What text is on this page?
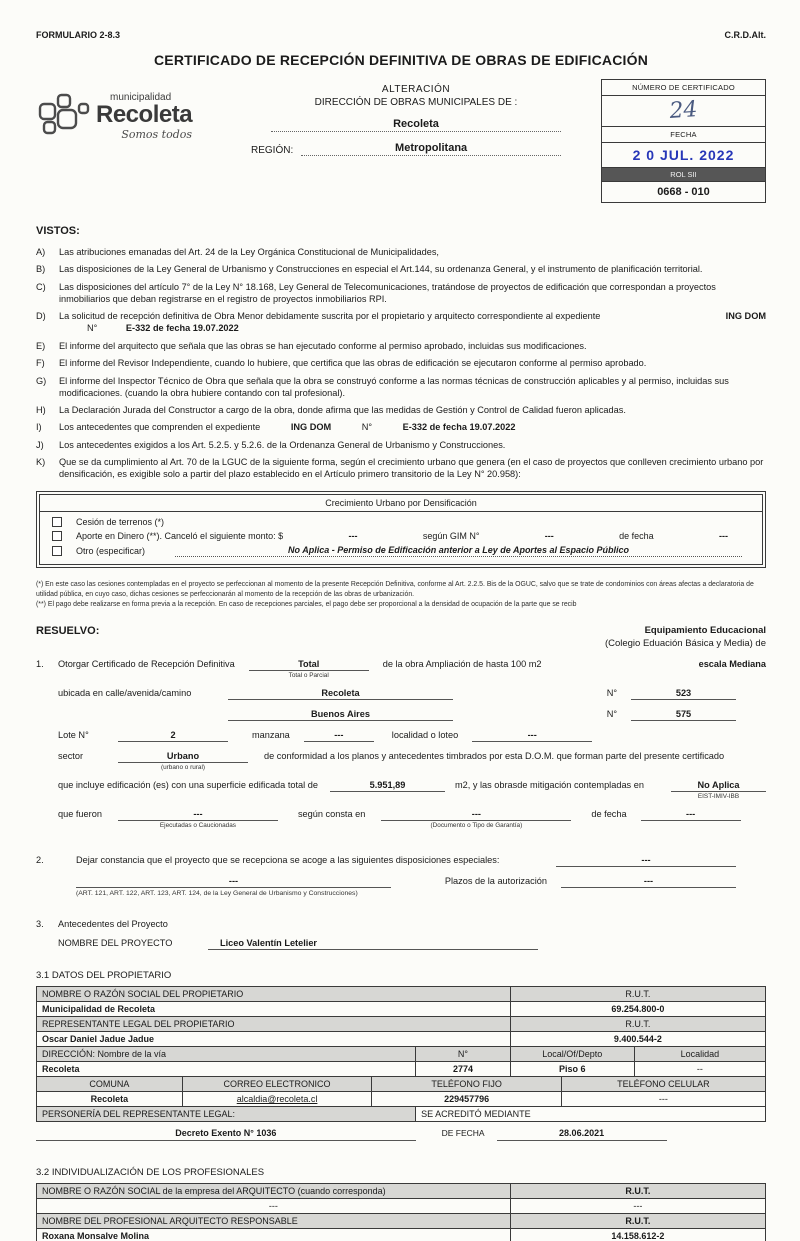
FORMULARIO 2-8.3	C.R.D.Alt.
CERTIFICADO DE RECEPCIÓN DEFINITIVA DE OBRAS DE EDIFICACIÓN
municipalidad
Recoleta
Somos todos
ALTERACIÓN
DIRECCIÓN DE OBRAS MUNICIPALES DE :
Recoleta
REGIÓN:	Metropolitana
NÚMERO DE CERTIFICADO
24
FECHA
2 0 JUL. 2022
ROL SII
0668 - 010
VISTOS:
A)	Las atribuciones emanadas del Art. 24 de la Ley Orgánica Constitucional de Municipalidades,
B)	Las disposiciones de la Ley General de Urbanismo y Construcciones en especial el Art.144, su ordenanza General, y el instrumento de planificación territorial.
C)	Las disposiciones del artículo 7° de la Ley N° 18.168, Ley General de Telecomunicaciones, tratándose de proyectos de edificación que correspondan a proyectos inmobiliarios que deban registrarse en el registro de proyectos inmobiliarios RPI.
D)	ING DOM
La solicitud de recepción definitiva de Obra Menor debidamente suscrita por el propietario y arquitecto correspondiente al expediente
N°	E-332 de fecha 19.07.2022
E)	El informe del arquitecto que señala que las obras se han ejecutado conforme al permiso aprobado, incluidas sus modificaciones.
F)	El informe del Revisor Independiente, cuando lo hubiere, que certifica que las obras de edificación se ejecutaron conforme al permiso aprobado.
G)	El informe del Inspector Técnico de Obra que señala que la obra se construyó conforme a las normas técnicas de construcción aplicables y al permiso, incluidas sus modificaciones. (cuando la obra hubiere contando con tal profesional).
H)	La Declaración Jurada del Constructor a cargo de la obra, donde afirma que las medidas de Gestión y Control de Calidad fueron aplicadas.
I)	Los antecedentes que comprenden el expediente	ING DOM	N°	E-332 de fecha 19.07.2022
J)	Los antecedentes exigidos a los Art. 5.2.5. y 5.2.6. de la Ordenanza General de Urbanismo y Construcciones.
K)	Que se da cumplimiento al Art. 70 de la LGUC de la siguiente forma, según el crecimiento urbano que genera (en el caso de proyectos que conlleven crecimiento urbano por densificación, es exigible solo a partir del plazo establecido en el Artículo primero transitorio de la Ley N° 20.958):
Crecimiento Urbano por Densificación
Cesión de terrenos (*)
Aporte en Dinero (**). Canceló el siguiente monto: $	---	según GIM N°	---	de fecha	---
Otro (especificar)	No Aplica - Permiso de Edificación anterior a Ley de Aportes al Espacio Público

(*) En este caso las cesiones contempladas en el proyecto se perfeccionan al momento de la presente Recepción Definitiva, conforme al Art. 2.2.5. Bis de la OGUC, salvo que se trate de condominios con áreas afectas a declaratoria de utilidad pública, en cuyo caso, dichas cesiones se perfeccionarán al momento de la recepción de las obras de urbanización.

(**) El pago debe realizarse en forma previa a la recepción. En caso de recepciones parciales, el pago debe ser proporcional a la densidad de ocupación de la parte que se recib

RESUELVO:	Equipamiento Educacional
(Colegio Eduación Básica y Media) de
1.	Otorgar Certificado de Recepción Definitiva	Total
Total o Parcial
de la obra Ampliación de hasta 100 m2	escala Mediana
ubicada en calle/avenida/camino	Recoleta	N°	523
Buenos Aires	N°	575
Lote N°	2	manzana	---	localidad o loteo	---
sector	Urbano
(urbano o rural)
de conformidad a los planos y antecedentes timbrados por esta D.O.M. que forman parte del presente certificado
que incluye edificación (es) con una superficie edificada total de	5.951,89	m2, y las obrasde mitigación contempladas en	No Aplica
EIST-IMIV-IBB
que fueron	---
Ejecutadas o Caucionadas
según consta en	---
(Documento o Tipo de Garantía)
de fecha	---
2.	Dejar constancia que el proyecto que se recepciona se acoge a las siguientes disposiciones especiales:	---
---	Plazos de la autorización	---
(ART. 121, ART. 122, ART. 123, ART. 124, de la Ley General de Urbanismo y Construcciones)
3.	Antecedentes del Proyecto
NOMBRE DEL PROYECTO	Liceo Valentín Letelier
3.1 DATOS DEL PROPIETARIO
NOMBRE O RAZÓN SOCIAL DEL PROPIETARIO	R.U.T.
Municipalidad de Recoleta	69.254.800-0
REPRESENTANTE LEGAL DEL PROPIETARIO	R.U.T.
Oscar Daniel Jadue Jadue	9.400.544-2
DIRECCIÓN: Nombre de la vía	N°	Local/Of/Depto	Localidad
Recoleta	2774	Piso 6	--
COMUNA	CORREO ELECTRONICO	TELÉFONO FIJO	TELÉFONO CELULAR
Recoleta	alcaldia@recoleta.cl	229457796	---
PERSONERÍA DEL REPRESENTANTE LEGAL:	SE ACREDITÓ MEDIANTE
Decreto Exento N° 1036	DE FECHA	28.06.2021
3.2 INDIVIDUALIZACIÓN DE LOS PROFESIONALES
NOMBRE O RAZÓN SOCIAL de la empresa del ARQUITECTO (cuando corresponda)	R.U.T.
---	---
NOMBRE DEL PROFESIONAL ARQUITECTO RESPONSABLE	R.U.T.
Roxana Monsalve Molina	14.158.612-2
